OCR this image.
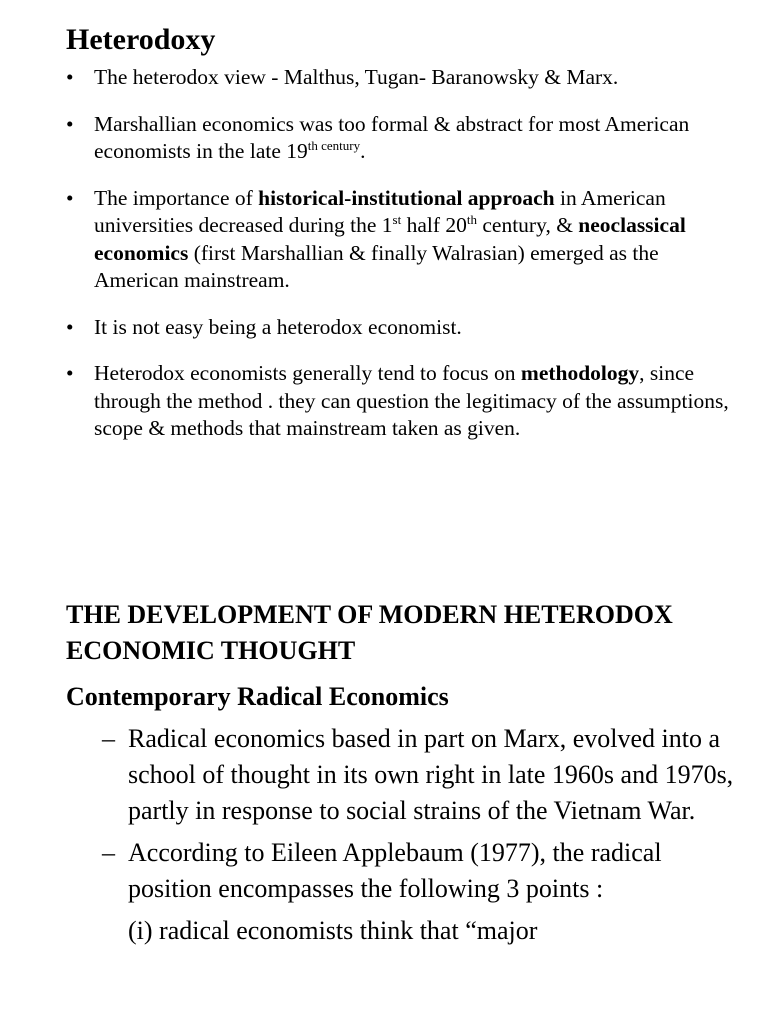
Heterodoxy
• The heterodox view - Malthus, Tugan- Baranowsky & Marx.
• Marshallian economics was too formal & abstract for most American economists in the late $19^{th century}$.
• The importance of historical-institutional approach in American universities decreased during the 1st half 20th century, & neoclassical economics (first Marshallian & finally Walrasian) emerged as the American mainstream.
• It is not easy being a heterodox economist.
• Heterodox economists generally tend to focus on methodology, since through the method . they can question the legitimacy of the assumptions, scope & methods that mainstream taken as given.
THE DEVELOPMENT OF MODERN HETERODOX ECONOMIC THOUGHT
Contemporary Radical Economics
– Radical economics based in part on Marx, evolved into a school of thought in its own right in late 1960s and 1970s, partly in response to social strains of the Vietnam War.
– According to Eileen Applebaum (1977), the radical position encompasses the following 3 points :
(i) radical economists think that “major
